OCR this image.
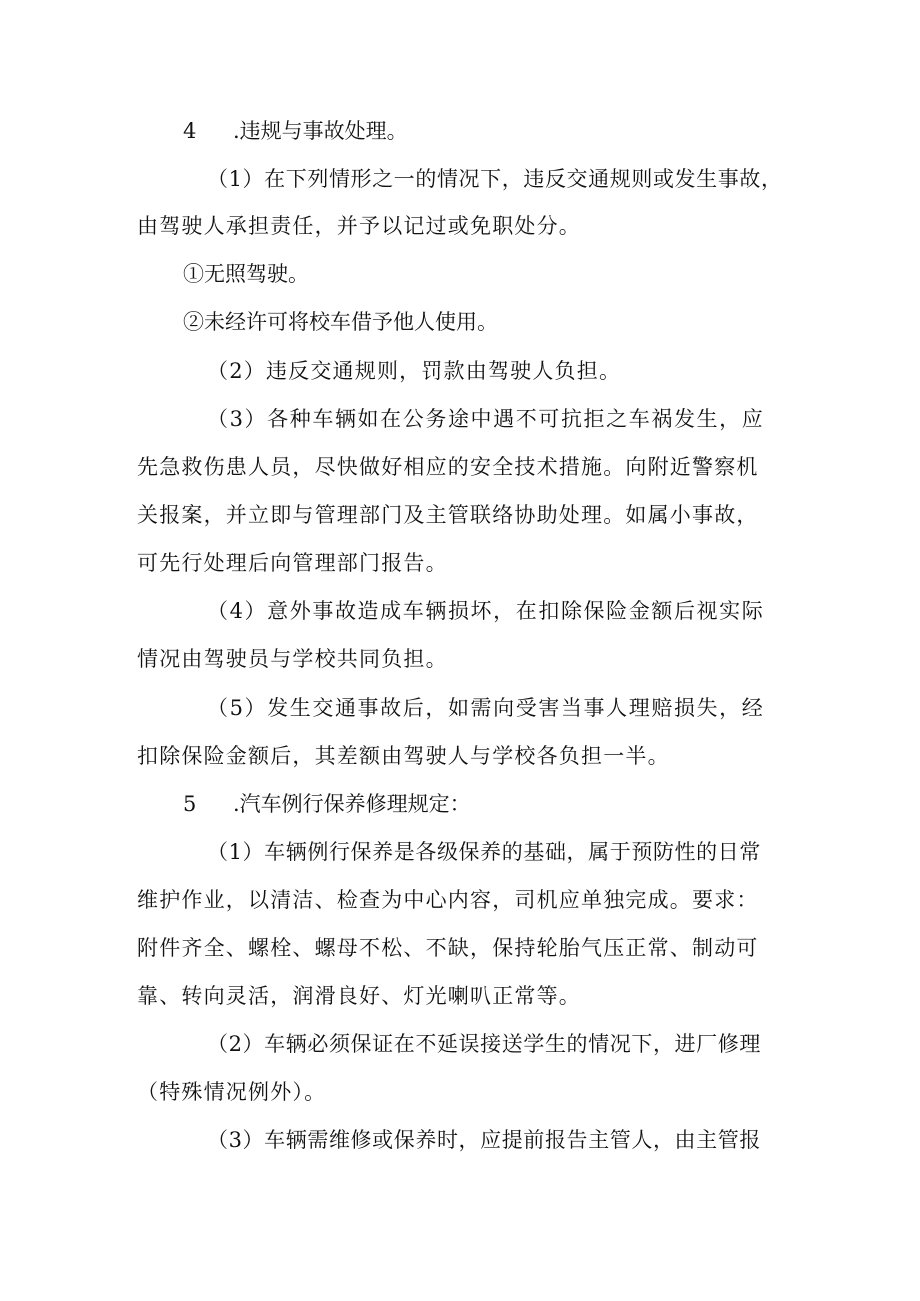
4 .违规与事故处理。
（1）在下列情形之一的情况下，违反交通规则或发生事故，
由驾驶人承担责任，并予以记过或免职处分。
①无照驾驶。
②未经许可将校车借予他人使用。
（2）违反交通规则，罚款由驾驶人负担。
（3）各种车辆如在公务途中遇不可抗拒之车祸发生，应
先急救伤患人员，尽快做好相应的安全技术措施。向附近警察机
关报案，并立即与管理部门及主管联络协助处理。如属小事故，
可先行处理后向管理部门报告。
（4）意外事故造成车辆损坏，在扣除保险金额后视实际
情况由驾驶员与学校共同负担。
（5）发生交通事故后，如需向受害当事人理赔损失，经
扣除保险金额后，其差额由驾驶人与学校各负担一半。
5 .汽车例行保养修理规定：
（1）车辆例行保养是各级保养的基础，属于预防性的日常
维护作业，以清洁、检查为中心内容，司机应单独完成。要求：
附件齐全、螺栓、螺母不松、不缺，保持轮胎气压正常、制动可
靠、转向灵活，润滑良好、灯光喇叭正常等。
（2）车辆必须保证在不延误接送学生的情况下，进厂修理
（特殊情况例外）。
（3）车辆需维修或保养时，应提前报告主管人，由主管报
